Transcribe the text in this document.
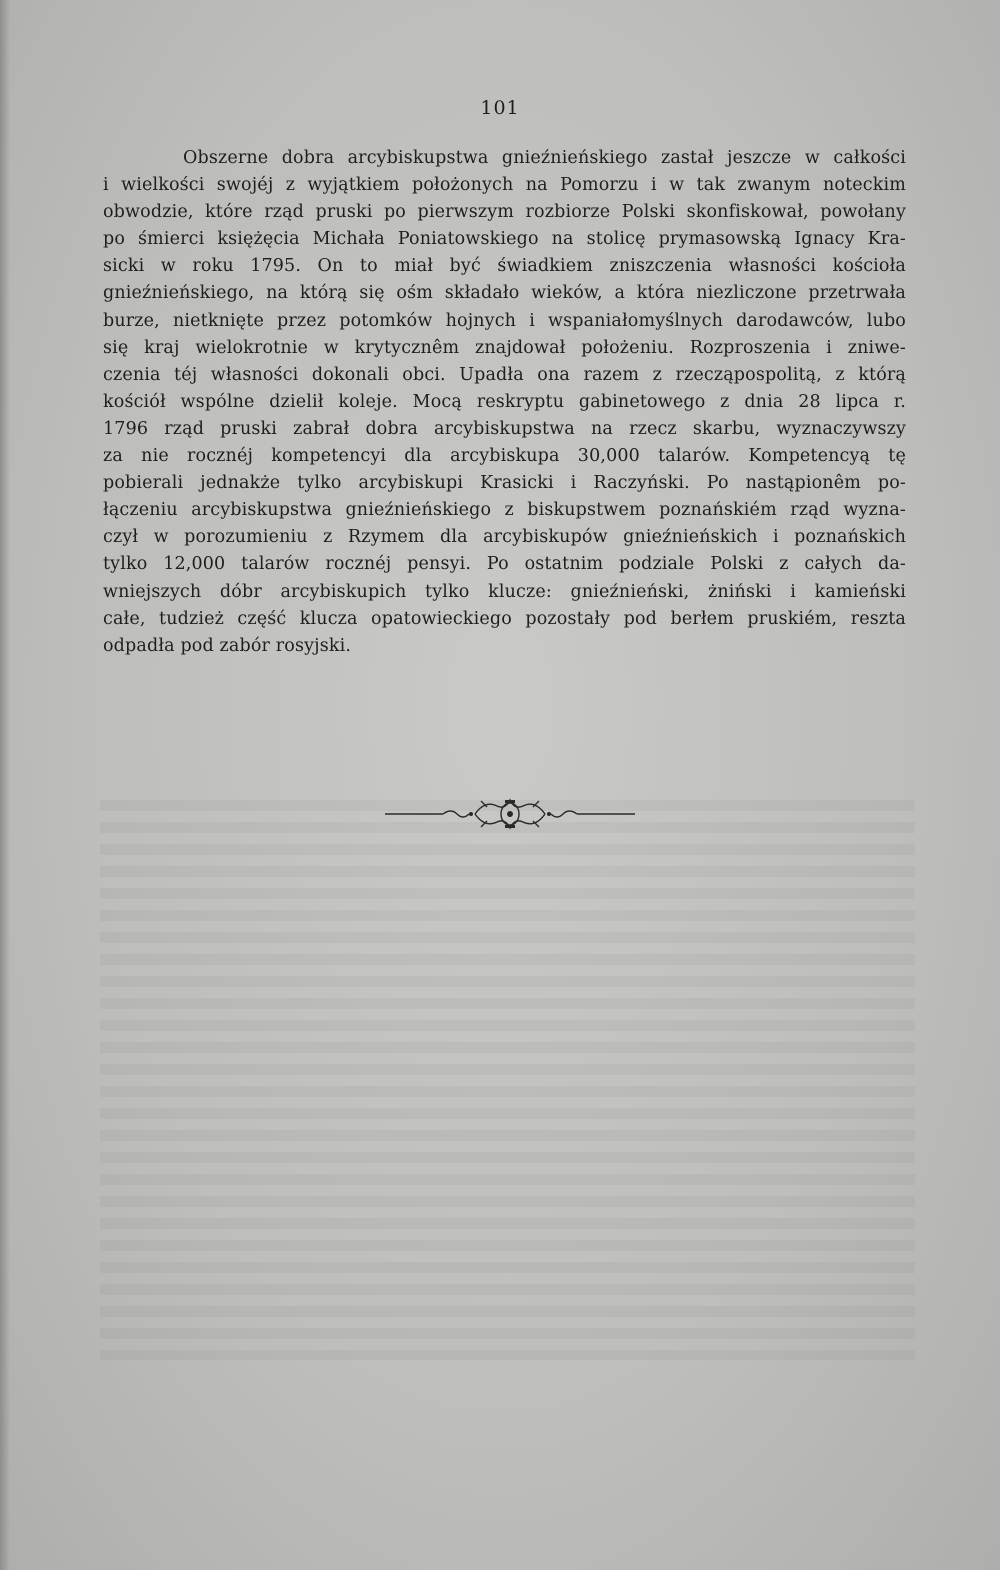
101
Obszerne dobra arcybiskupstwa gnieźnieńskiego zastał jeszcze w całkości
i wielkości swojéj z wyjątkiem położonych na Pomorzu i w tak zwanym noteckim
obwodzie, które rząd pruski po pierwszym rozbiorze Polski skonfiskował, powołany
po śmierci księżęcia Michała Poniatowskiego na stolicę prymasowską Ignacy Kra-
sicki w roku 1795. On to miał być świadkiem zniszczenia własności kościoła
gnieźnieńskiego, na którą się ośm składało wieków, a która niezliczone przetrwała
burze, nietknięte przez potomków hojnych i wspaniałomyślnych darodawców, lubo
się kraj wielokrotnie w krytycznêm znajdował położeniu. Rozproszenia i zniwe-
czenia téj własności dokonali obci. Upadła ona razem z rzecząpospolitą, z którą
kościół wspólne dzielił koleje. Mocą reskryptu gabinetowego z dnia 28 lipca r.
1796 rząd pruski zabrał dobra arcybiskupstwa na rzecz skarbu, wyznaczywszy
za nie rocznéj kompetencyi dla arcybiskupa 30,000 talarów. Kompetencyą tę
pobierali jednakże tylko arcybiskupi Krasicki i Raczyński. Po nastąpionêm po-
łączeniu arcybiskupstwa gnieźnieńskiego z biskupstwem poznańskiém rząd wyzna-
czył w porozumieniu z Rzymem dla arcybiskupów gnieźnieńskich i poznańskich
tylko 12,000 talarów rocznéj pensyi. Po ostatnim podziale Polski z całych da-
wniejszych dóbr arcybiskupich tylko klucze: gnieźnieński, żniński i kamieński
całe, tudzież część klucza opatowieckiego pozostały pod berłem pruskiém, reszta
odpadła pod zabór rosyjski.
